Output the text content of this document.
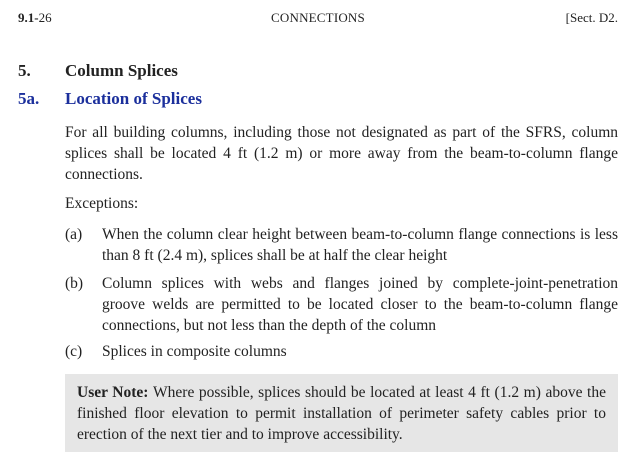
9.1-26	CONNECTIONS	[Sect. D2.
5. Column Splices
5a. Location of Splices
For all building columns, including those not designated as part of the SFRS, column splices shall be located 4 ft (1.2 m) or more away from the beam-to-column flange connections.
Exceptions:
(a) When the column clear height between beam-to-column flange connections is less than 8 ft (2.4 m), splices shall be at half the clear height
(b) Column splices with webs and flanges joined by complete-joint-penetration groove welds are permitted to be located closer to the beam-to-column flange connections, but not less than the depth of the column
(c) Splices in composite columns
User Note: Where possible, splices should be located at least 4 ft (1.2 m) above the finished floor elevation to permit installation of perimeter safety cables prior to erection of the next tier and to improve accessibility.
